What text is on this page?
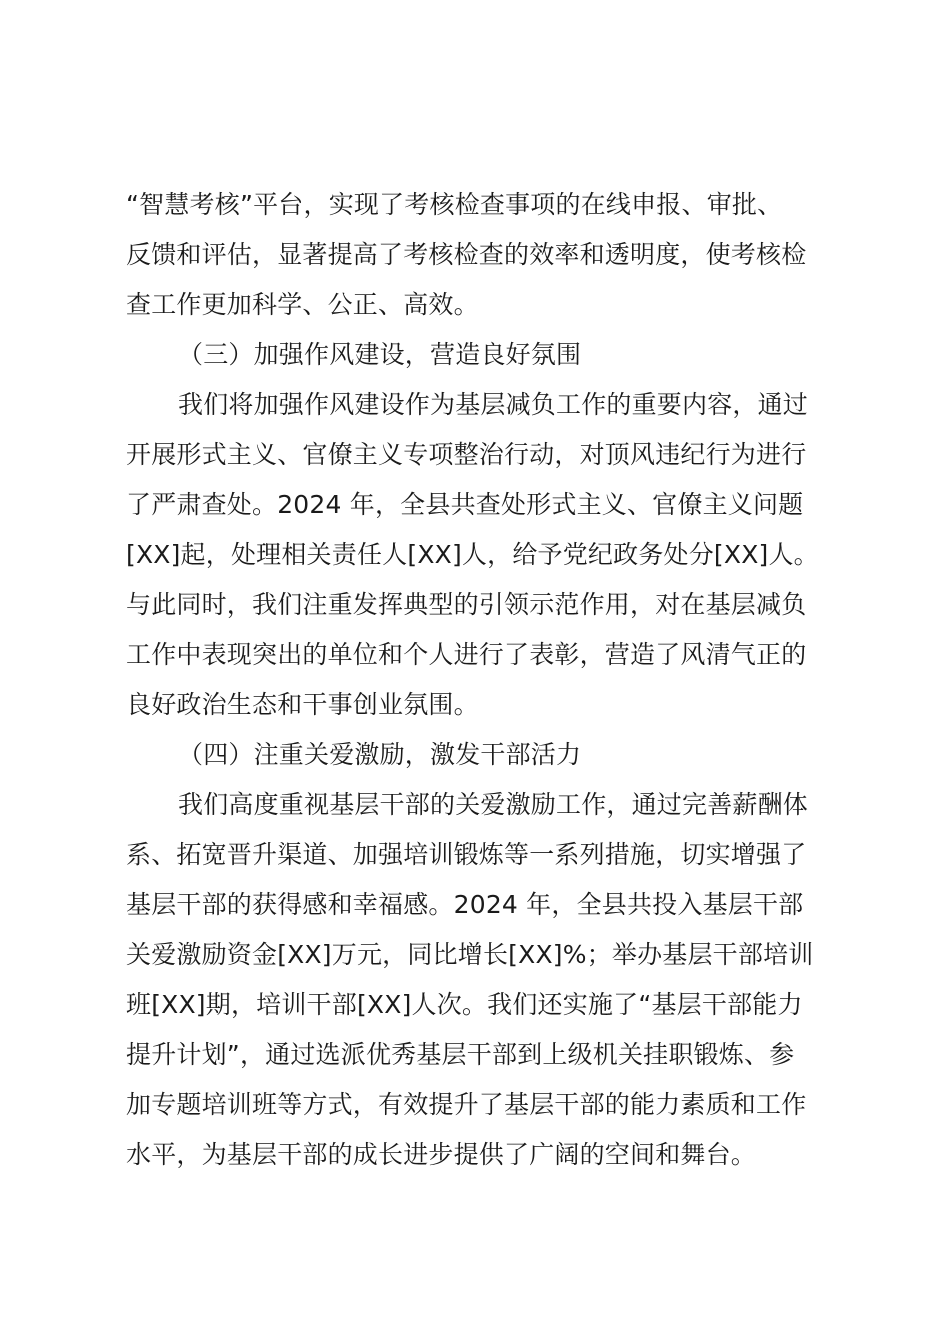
“智慧考核”平台，实现了考核检查事项的在线申报、审批、
反馈和评估，显著提高了考核检查的效率和透明度，使考核检
查工作更加科学、公正、高效。
（三）加强作风建设，营造良好氛围
我们将加强作风建设作为基层减负工作的重要内容，通过
开展形式主义、官僚主义专项整治行动，对顶风违纪行为进行
了严肃查处。2024 年，全县共查处形式主义、官僚主义问题
[XX]起，处理相关责任人[XX]人，给予党纪政务处分[XX]人。
与此同时，我们注重发挥典型的引领示范作用，对在基层减负
工作中表现突出的单位和个人进行了表彰，营造了风清气正的
良好政治生态和干事创业氛围。
（四）注重关爱激励，激发干部活力
我们高度重视基层干部的关爱激励工作，通过完善薪酬体
系、拓宽晋升渠道、加强培训锻炼等一系列措施，切实增强了
基层干部的获得感和幸福感。2024 年，全县共投入基层干部
关爱激励资金[XX]万元，同比增长[XX]%；举办基层干部培训
班[XX]期，培训干部[XX]人次。我们还实施了“基层干部能力
提升计划”，通过选派优秀基层干部到上级机关挂职锻炼、参
加专题培训班等方式，有效提升了基层干部的能力素质和工作
水平，为基层干部的成长进步提供了广阔的空间和舞台。
